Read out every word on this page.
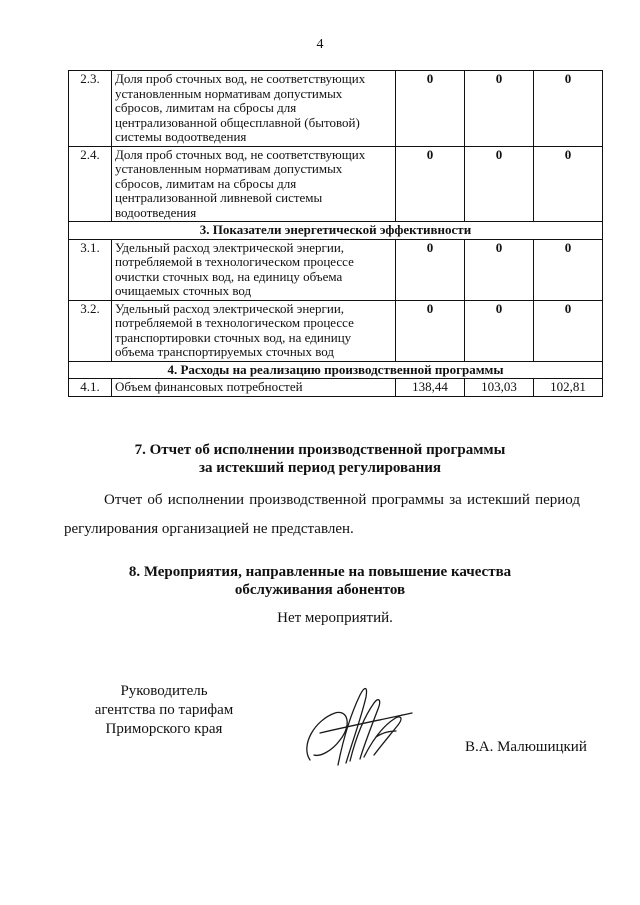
4
2.3.	Доля проб сточных вод, не соответствующих
установленным нормативам допустимых
сбросов, лимитам на сбросы для
централизованной общесплавной (бытовой)
системы водоотведения	0	0	0
2.4.	Доля проб сточных вод, не соответствующих
установленным нормативам допустимых
сбросов, лимитам на сбросы для
централизованной ливневой системы
водоотведения	0	0	0
3. Показатели энергетической эффективности				
3.1.	Удельный расход электрической энергии,
потребляемой в технологическом процессе
очистки сточных вод, на единицу объема
очищаемых сточных вод	0	0	0
3.2.	Удельный расход электрической энергии,
потребляемой в технологическом процессе
транспортировки сточных вод, на единицу
объема транспортируемых сточных вод	0	0	0
4. Расходы на реализацию производственной программы				
4.1.	Объем финансовых потребностей	138,44	103,03	102,81
7. Отчет об исполнении производственной программы
за истекший период регулирования
Отчет об исполнении производственной программы за истекший период регулирования организацией не представлен.
8. Мероприятия, направленные на повышение качества
обслуживания абонентов
Нет мероприятий.
Руководитель
агентства по тарифам
Приморского края
В.А. Малюшицкий
